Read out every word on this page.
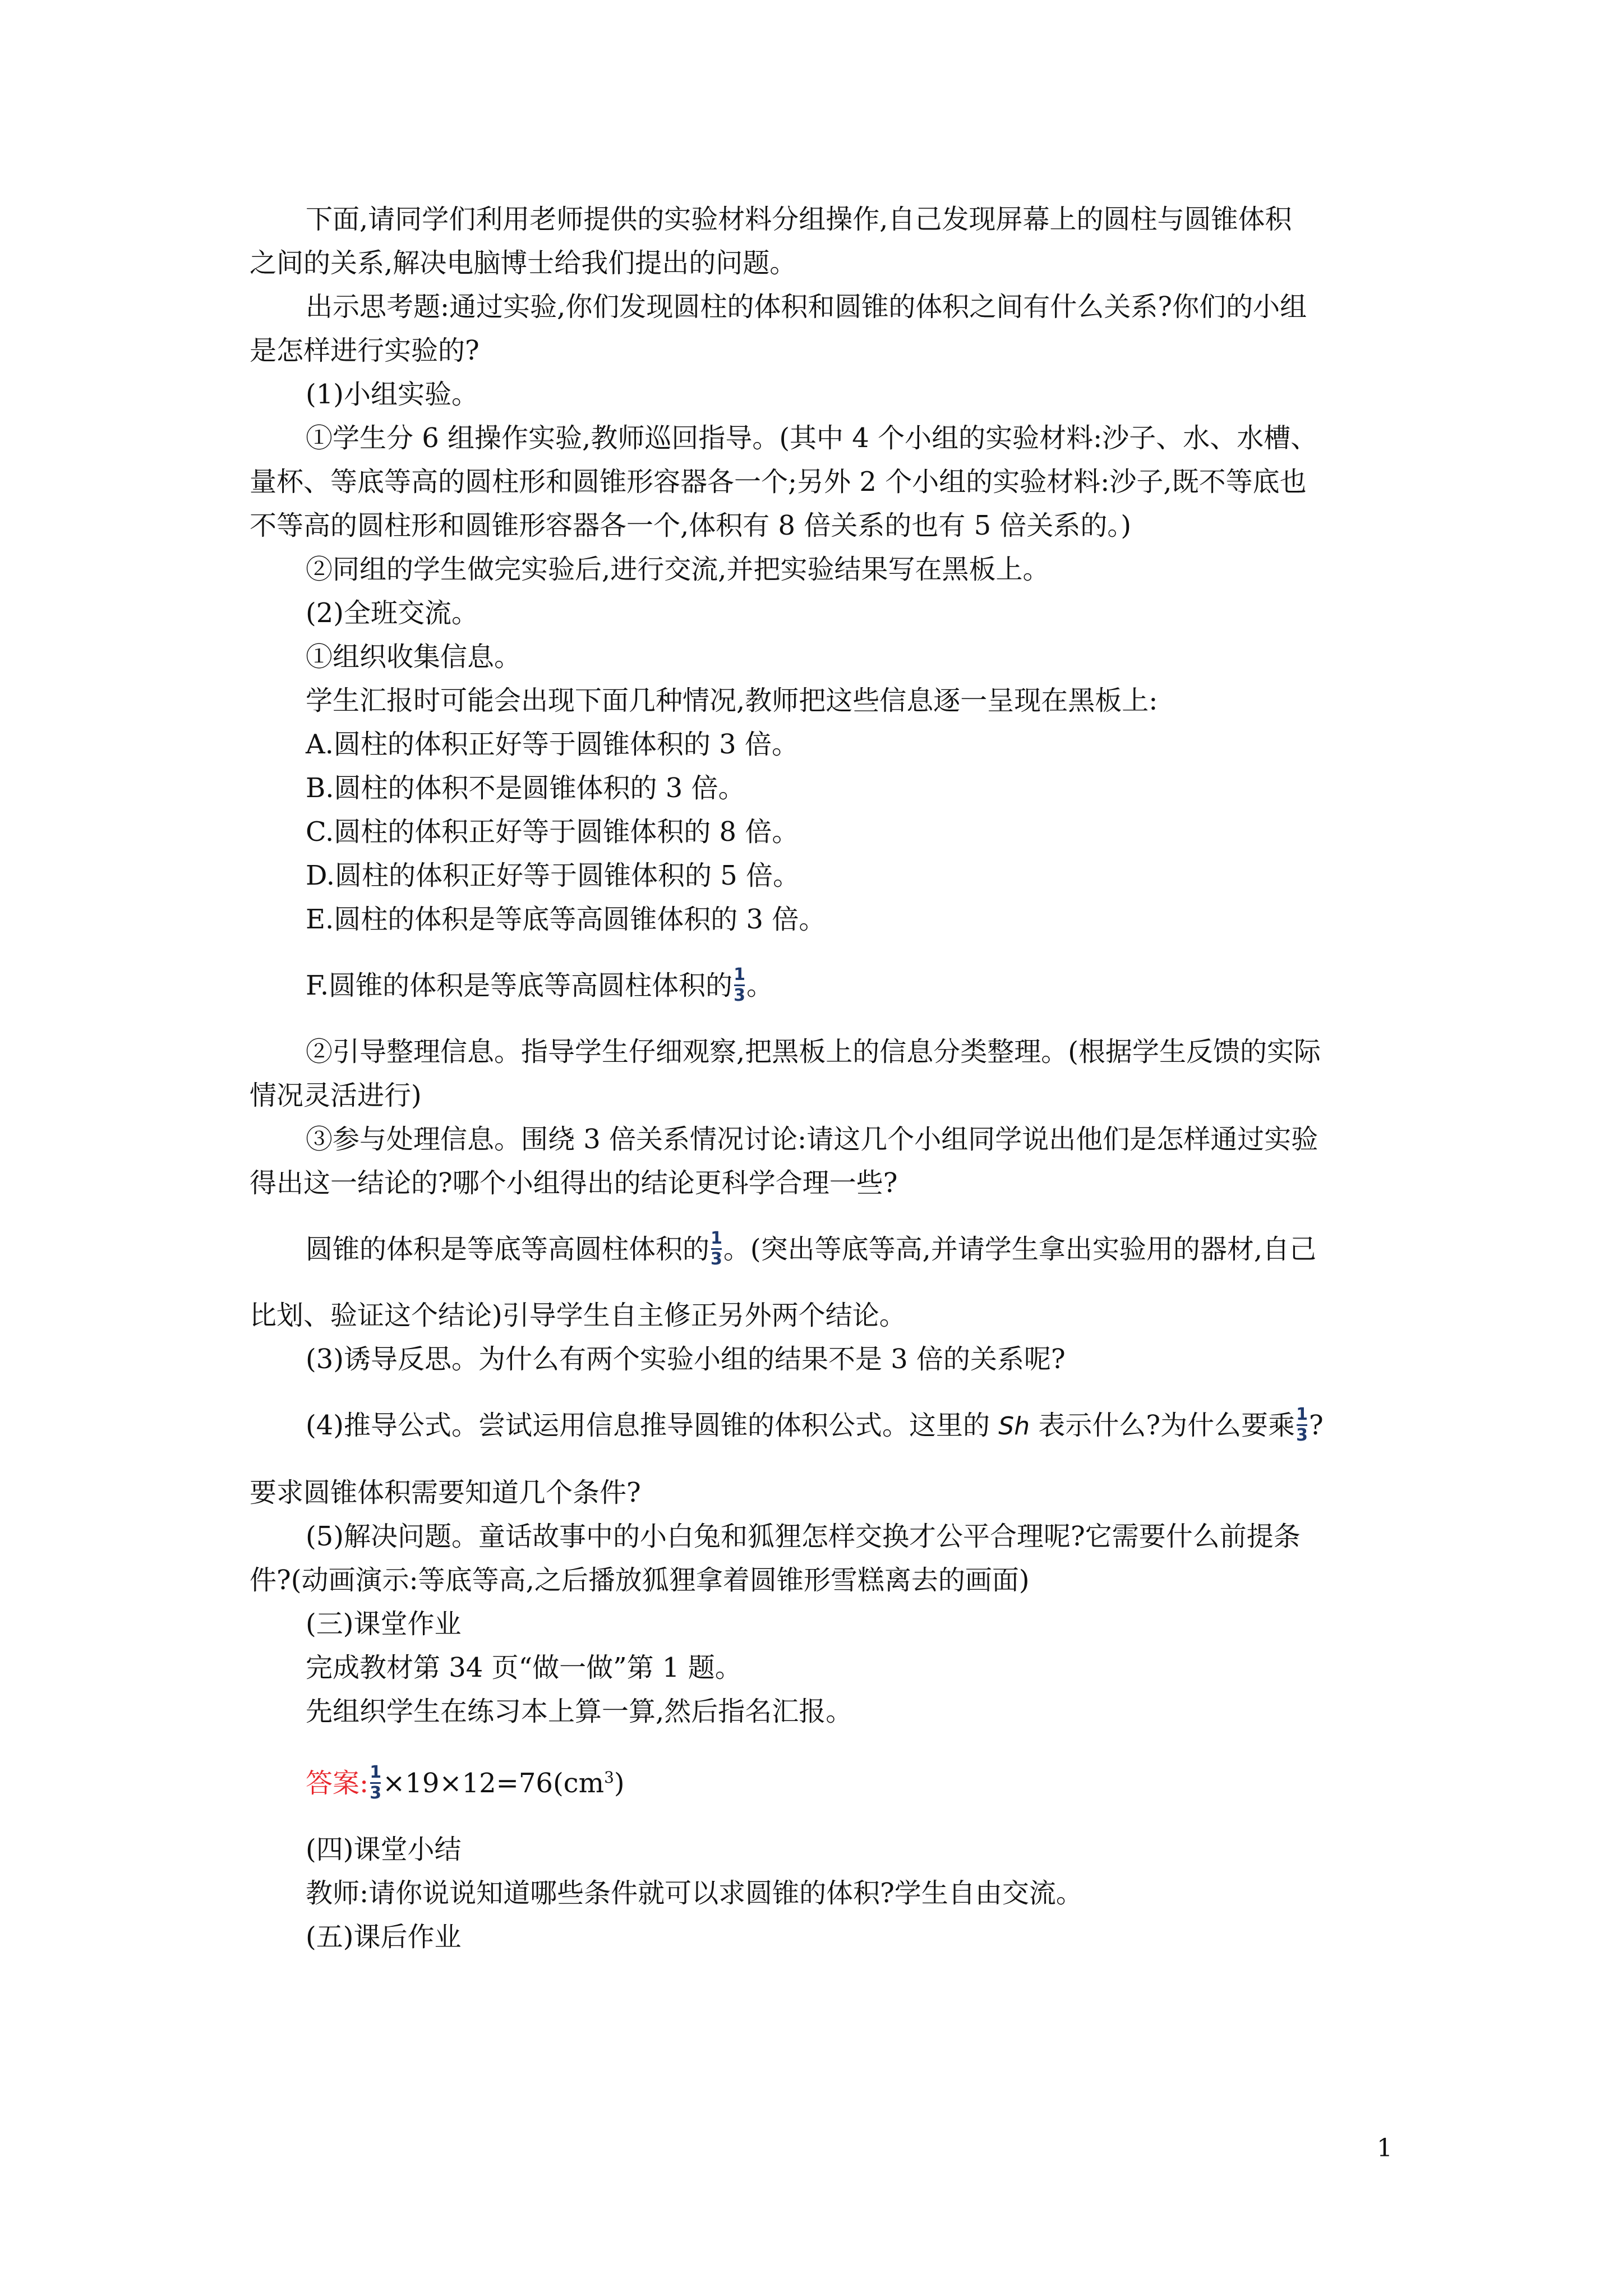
下面,请同学们利用老师提供的实验材料分组操作,自己发现屏幕上的圆柱与圆锥体积

之间的关系,解决电脑博士给我们提出的问题。

出示思考题:通过实验,你们发现圆柱的体积和圆锥的体积之间有什么关系?你们的小组

是怎样进行实验的?

(1)小组实验。

①学生分 6 组操作实验,教师巡回指导。(其中 4 个小组的实验材料:沙子、水、水槽、

量杯、等底等高的圆柱形和圆锥形容器各一个;另外 2 个小组的实验材料:沙子,既不等底也

不等高的圆柱形和圆锥形容器各一个,体积有 8 倍关系的也有 5 倍关系的。)

②同组的学生做完实验后,进行交流,并把实验结果写在黑板上。

(2)全班交流。

①组织收集信息。

学生汇报时可能会出现下面几种情况,教师把这些信息逐一呈现在黑板上:

A.圆柱的体积正好等于圆锥体积的 3 倍。

B.圆柱的体积不是圆锥体积的 3 倍。

C.圆柱的体积正好等于圆锥体积的 8 倍。

D.圆柱的体积正好等于圆锥体积的 5 倍。

E.圆柱的体积是等底等高圆锥体积的 3 倍。

F.圆锥的体积是等底等高圆柱体积的 $\frac{1}{3}$ 。

②引导整理信息。指导学生仔细观察,把黑板上的信息分类整理。(根据学生反馈的实际

情况灵活进行)

③参与处理信息。围绕 3 倍关系情况讨论:请这几个小组同学说出他们是怎样通过实验

得出这一结论的?哪个小组得出的结论更科学合理一些?

圆锥的体积是等底等高圆柱体积的 $\frac{1}{3}$ 。(突出等底等高,并请学生拿出实验用的器材,自己

比划、验证这个结论)引导学生自主修正另外两个结论。

(3)诱导反思。为什么有两个实验小组的结果不是 3 倍的关系呢?

(4)推导公式。尝试运用信息推导圆锥的体积公式。这里的 Sh 表示什么?为什么要乘 $\frac{1}{3}$ ?

要求圆锥体积需要知道几个条件?

(5)解决问题。童话故事中的小白兔和狐狸怎样交换才公平合理呢?它需要什么前提条

件?(动画演示:等底等高,之后播放狐狸拿着圆锥形雪糕离去的画面)

(三)课堂作业

完成教材第 34 页“做一做”第 1 题。

先组织学生在练习本上算一算,然后指名汇报。

答案: $\frac{1}{3} \times 19\times 12=76(cm^3)$

(四)课堂小结

教师:请你说说知道哪些条件就可以求圆锥的体积?学生自由交流。

(五)课后作业

1
